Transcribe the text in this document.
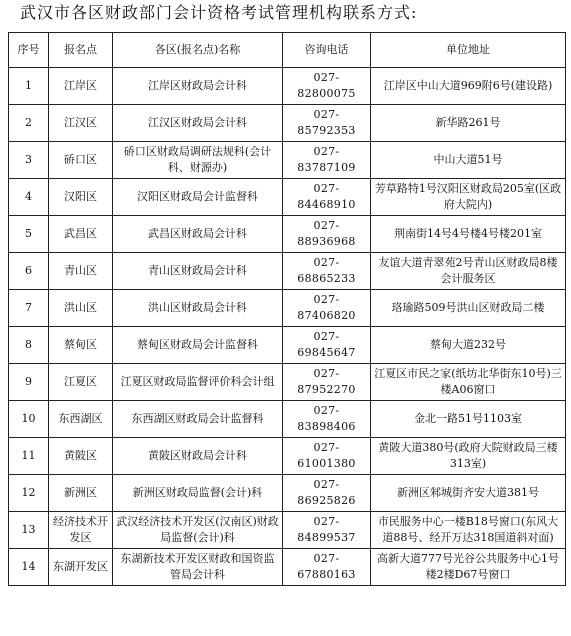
武汉市各区财政部门会计资格考试管理机构联系方式:
序号	报名点	各区(报名点)名称	咨询电话	单位地址
1	江岸区	江岸区财政局会计科	027-82800075	江岸区中山大道969附6号(建设路)
2	江汉区	江汉区财政局会计科	027-85792353	新华路261号
3	硚口区	硚口区财政局调研法规科(会计科、财源办)	027-83787109	中山大道51号
4	汉阳区	汉阳区财政局会计监督科	027-84468910	芳草路特1号汉阳区财政局205室(区政府大院内)
5	武昌区	武昌区财政局会计科	027-88936968	荆南街14号4号楼4号楼201室
6	青山区	青山区财政局会计科	027-68865233	友谊大道青翠苑2号青山区财政局8楼会计服务区
7	洪山区	洪山区财政局会计科	027-87406820	珞瑜路509号洪山区财政局二楼
8	蔡甸区	蔡甸区财政局会计监督科	027-69845647	蔡甸大道232号
9	江夏区	江夏区财政局监督评价科会计组	027-87952270	江夏区市民之家(纸坊北华街东10号)三楼A06窗口
10	东西湖区	东西湖区财政局会计监督科	027-83898406	金北一路51号1103室
11	黄陂区	黄陂区财政局会计科	027-61001380	黄陂大道380号(政府大院财政局三楼313室)
12	新洲区	新洲区财政局监督(会计)科	027-86925826	新洲区邾城街齐安大道381号
13	经济技术开发区	武汉经济技术开发区(汉南区)财政局监督(会计)科	027-84899537	市民服务中心一楼B18号窗口(东风大道88号、经开万达318国道斜对面)
14	东湖开发区	东湖新技术开发区财政和国资监管局会计科	027-67880163	高新大道777号光谷公共服务中心1号楼2楼D67号窗口
